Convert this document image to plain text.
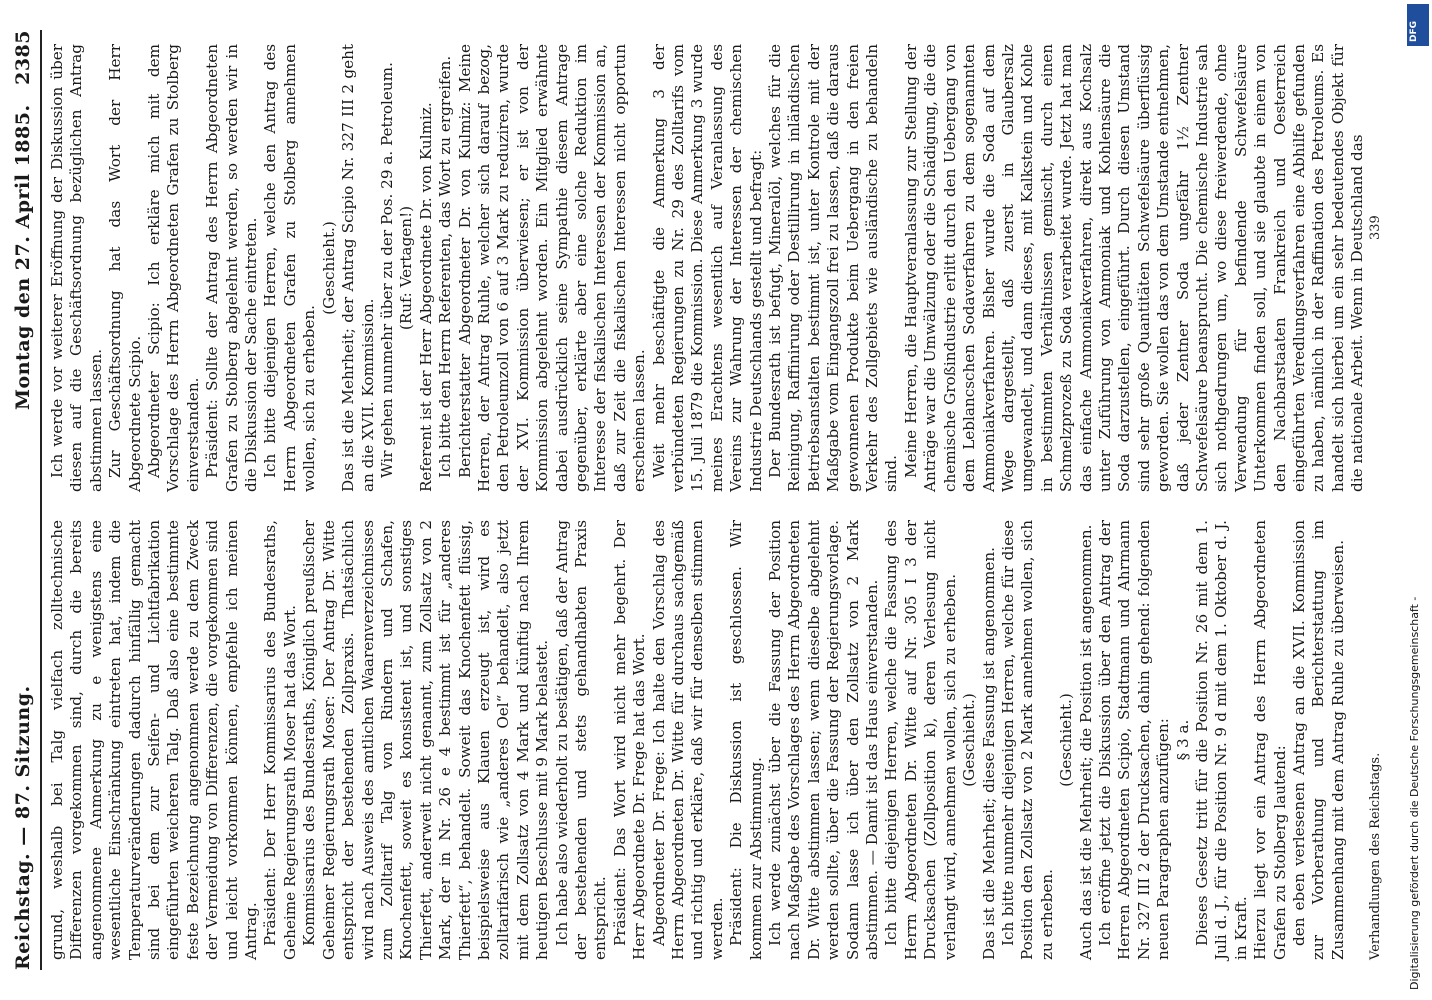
Reichstag. — 87. Sitzung.
Montag den 27. April 1885.
2385

grund, weshalb bei Talg vielfach zolltechnische Differenzen vorgekommen sind, durch die bereits angenommene Anmerkung zu e wenigstens eine wesentliche Einschränkung eintreten hat, indem die Temperaturveränderungen dadurch hinfällig gemacht sind bei dem zur Seifen- und Lichtfabrikation eingeführten weicheren Talg. Daß also eine bestimmte feste Bezeichnung angenommen werde zu dem Zweck der Vermeidung von Differenzen, die vorgekommen sind und leicht vorkommen können, empfehle ich meinen Antrag. Präsident: Der Herr Kommissarius des Bundesraths, Geheime Regierungsrath Moser hat das Wort. Kommissarius des Bundesraths, Königlich preußischer Geheimer Regierungsrath Moser: Der Antrag Dr. Witte entspricht der bestehenden Zollpraxis. Thatsächlich wird nach Ausweis des amtlichen Waarenverzeichnisses zum Zolltarif Talg von Rindern und Schafen, Knochenfett, soweit es konsistent ist, und sonstiges Thierfett, anderweit nicht genannt, zum Zollsatz von 2 Mark, der in Nr. 26 e 4 bestimmt ist für „anderes Thierfett“, behandelt. Soweit das Knochenfett flüssig, beispielsweise aus Klauen erzeugt ist, wird es zolltarifarisch wie „anderes Oel“ behandelt, also jetzt mit dem Zollsatz von 4 Mark und künftig nach Ihrem heutigen Beschlusse mit 9 Mark belastet. Ich habe also wiederholt zu bestätigen, daß der Antrag der bestehenden und stets gehandhabten Praxis entspricht. Präsident: Das Wort wird nicht mehr begehrt. Der Herr Abgeordnete Dr. Frege hat das Wort. Abgeordneter Dr. Frege: Ich halte den Vorschlag des Herrn Abgeordneten Dr. Witte für durchaus sachgemäß und richtig und erkläre, daß wir für denselben stimmen werden. Präsident: Die Diskussion ist geschlossen. Wir kommen zur Abstimmung. Ich werde zunächst über die Fassung der Position nach Maßgabe des Vorschlages des Herrn Abgeordneten Dr. Witte abstimmen lassen; wenn dieselbe abgelehnt werden sollte, über die Fassung der Regierungsvorlage. Sodann lasse ich über den Zollsatz von 2 Mark abstimmen. — Damit ist das Haus einverstanden. Ich bitte diejenigen Herren, welche die Fassung des Herrn Abgeordneten Dr. Witte auf Nr. 305 I 3 der Drucksachen (Zollposition k), deren Verlesung nicht verlangt wird, annehmen wollen, sich zu erheben. (Geschieht.) Das ist die Mehrheit; diese Fassung ist angenommen. Ich bitte nunmehr diejenigen Herren, welche für diese Position den Zollsatz von 2 Mark annehmen wollen, sich zu erheben.

(Geschieht.) Auch das ist die Mehrheit; die Position ist angenommen. Ich eröffne jetzt die Diskussion über den Antrag der Herren Abgeordneten Scipio, Stadtmann und Ahrmann Nr. 327 III 2 der Drucksachen, dahin gehend: folgenden neuen Paragraphen anzufügen: § 3 a. Dieses Gesetz tritt für die Position Nr. 26 mit dem 1. Juli d. J., für die Position Nr. 9 d mit dem 1. Oktober d. J. in Kraft. Hierzu liegt vor ein Antrag des Herrn Abgeordneten Grafen zu Stolberg lautend: den eben verlesenen Antrag an die XVII. Kommission zur Vorberathung und Berichterstattung im Zusammenhang mit dem Antrag Ruhle zu überweisen.

Ich werde vor weiterer Eröffnung der Diskussion über diesen auf die Geschäftsordnung bezüglichen Antrag abstimmen lassen. Zur Geschäftsordnung hat das Wort der Herr Abgeordnete Scipio. Abgeordneter Scipio: Ich erkläre mich mit dem Vorschlage des Herrn Abgeordneten Grafen zu Stolberg einverstanden. Präsident: Sollte der Antrag des Herrn Abgeordneten Grafen zu Stolberg abgelehnt werden, so werden wir in die Diskussion der Sache eintreten. Ich bitte diejenigen Herren, welche den Antrag des Herrn Abgeordneten Grafen zu Stolberg annehmen wollen, sich zu erheben.

(Geschieht.) Das ist die Mehrheit; der Antrag Scipio Nr. 327 III 2 geht an die XVII. Kommission. Wir gehen nunmehr über zu der Pos. 29 a. Petroleum. (Ruf: Vertagen!) Referent ist der Herr Abgeordnete Dr. von Kulmiz. Ich bitte den Herrn Referenten, das Wort zu ergreifen. Berichterstatter Abgeordneter Dr. von Kulmiz: Meine Herren, der Antrag Ruhle, welcher sich darauf bezog, den Petroleumzoll von 6 auf 3 Mark zu reduziren, wurde der XVI. Kommission überwiesen; er ist von der Kommission abgelehnt worden. Ein Mitglied erwähnte dabei ausdrücklich seine Sympathie diesem Antrage gegenüber, erklärte aber eine solche Reduktion im Interesse der fiskalischen Interessen der Kommission an, daß zur Zeit die fiskalischen Interessen nicht opportun erscheinen lassen. Weit mehr beschäftigte die Anmerkung 3 der verbündeten Regierungen zu Nr. 29 des Zolltarifs vom 15. Juli 1879 die Kommission. Diese Anmerkung 3 wurde meines Erachtens wesentlich auf Veranlassung des Vereins zur Wahrung der Interessen der chemischen Industrie Deutschlands gestellt und befragt: Der Bundesrath ist befugt, Mineralöl, welches für die Reinigung, Raffinirung oder Destillirung in inländischen Betriebsanstalten bestimmt ist, unter Kontrole mit der Maßgabe vom Eingangszoll frei zu lassen, daß die daraus gewonnenen Produkte beim Uebergang in den freien Verkehr des Zollgebiets wie ausländische zu behandeln sind. Meine Herren, die Hauptveranlassung zur Stellung der Anträge war die Umwälzung oder die Schädigung, die die chemische Großindustrie erlitt durch den Uebergang von dem Leblancschen Sodaverfahren zu dem sogenannten Ammoniakverfahren. Bisher wurde die Soda auf dem Wege dargestellt, daß zuerst in Glaubersalz umgewandelt, und dann dieses, mit Kalkstein und Kohle in bestimmten Verhältnissen gemischt, durch einen Schmelzprozeß zu Soda verarbeitet wurde. Jetzt hat man das einfache Ammoniakverfahren, direkt aus Kochsalz unter Zuführung von Ammoniak und Kohlensäure die Soda darzustellen, eingeführt. Durch diesen Umstand sind sehr große Quantitäten Schwefelsäure überflüssig geworden. Sie wollen das von dem Umstande entnehmen, daß jeder Zentner Soda ungefähr 1½ Zentner Schwefelsäure beansprucht. Die chemische Industrie sah sich nothgedrungen um, wo diese freiwerdende, ohne Verwendung für befindende Schwefelsäure Unterkommen finden soll, und sie glaubte in einem von den Nachbarstaaten Frankreich und Oesterreich eingeführten Veredlungsverfahren eine Abhilfe gefunden zu haben, nämlich in der Raffination des Petroleums. Es handelt sich hierbei um ein sehr bedeutendes Objekt für die nationale Arbeit. Wenn in Deutschland das

Verhandlungen des Reichstags.
339
Digitalisierung gefördert durch die Deutsche Forschungsgemeinschaft -
DFG
